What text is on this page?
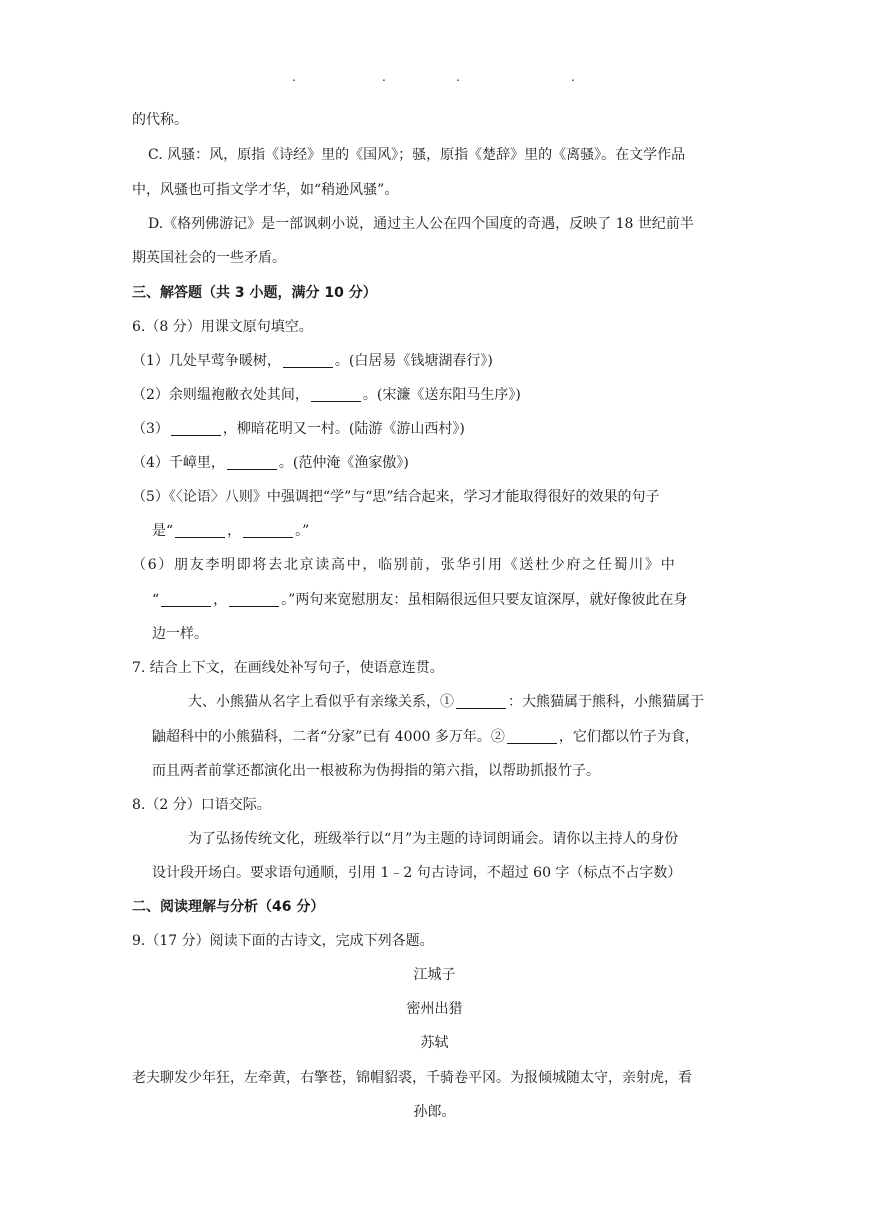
.	.	.	.
的代称。
C. 风骚：风，原指《诗经》里的《国风》；骚，原指《楚辞》里的《离骚》。在文学作品
中，风骚也可指文学才华，如“稍逊风骚”。
D.《格列佛游记》是一部讽刺小说，通过主人公在四个国度的奇遇，反映了 18 世纪前半
期英国社会的一些矛盾。
三、解答题（共 3 小题，满分 10 分）
6.（8 分）用课文原句填空。
（1）几处早莺争暖树，	。(白居易《钱塘湖春行》)
（2）余则缊袍敝衣处其间，	。(宋濂《送东阳马生序》)
（3）	，柳暗花明又一村。(陆游《游山西村》)
（4）千嶂里，	。(范仲淹《渔家傲》)
（5）《〈论语〉八则》中强调把“学”与“思”结合起来，学习才能取得很好的效果的句子
是“	，	。”
（6）朋友李明即将去北京读高中，临别前，张华引用《送杜少府之任蜀川》中
“	，	。”两句来宽慰朋友：虽相隔很远但只要友谊深厚，就好像彼此在身
边一样。
7. 结合上下文，在画线处补写句子，使语意连贯。
大、小熊猫从名字上看似乎有亲缘关系，①	：大熊猫属于熊科，小熊猫属于
鼬超科中的小熊猫科，二者“分家”已有 4000 多万年。②	，它们都以竹子为食，
而且两者前掌还都演化出一根被称为伪拇指的第六指，以帮助抓报竹子。
8.（2 分）口语交际。
为了弘扬传统文化，班级举行以“月”为主题的诗词朗诵会。请你以主持人的身份
设计段开场白。要求语句通顺，引用 1﹣2 句古诗词，不超过 60 字（标点不占字数）
二、阅读理解与分析（46 分）
9.（17 分）阅读下面的古诗文，完成下列各题。
江城子
密州出猎
苏轼
老夫聊发少年狂，左牵黄，右擎苍，锦帽貂裘，千骑卷平冈。为报倾城随太守，亲射虎，看
孙郎。
